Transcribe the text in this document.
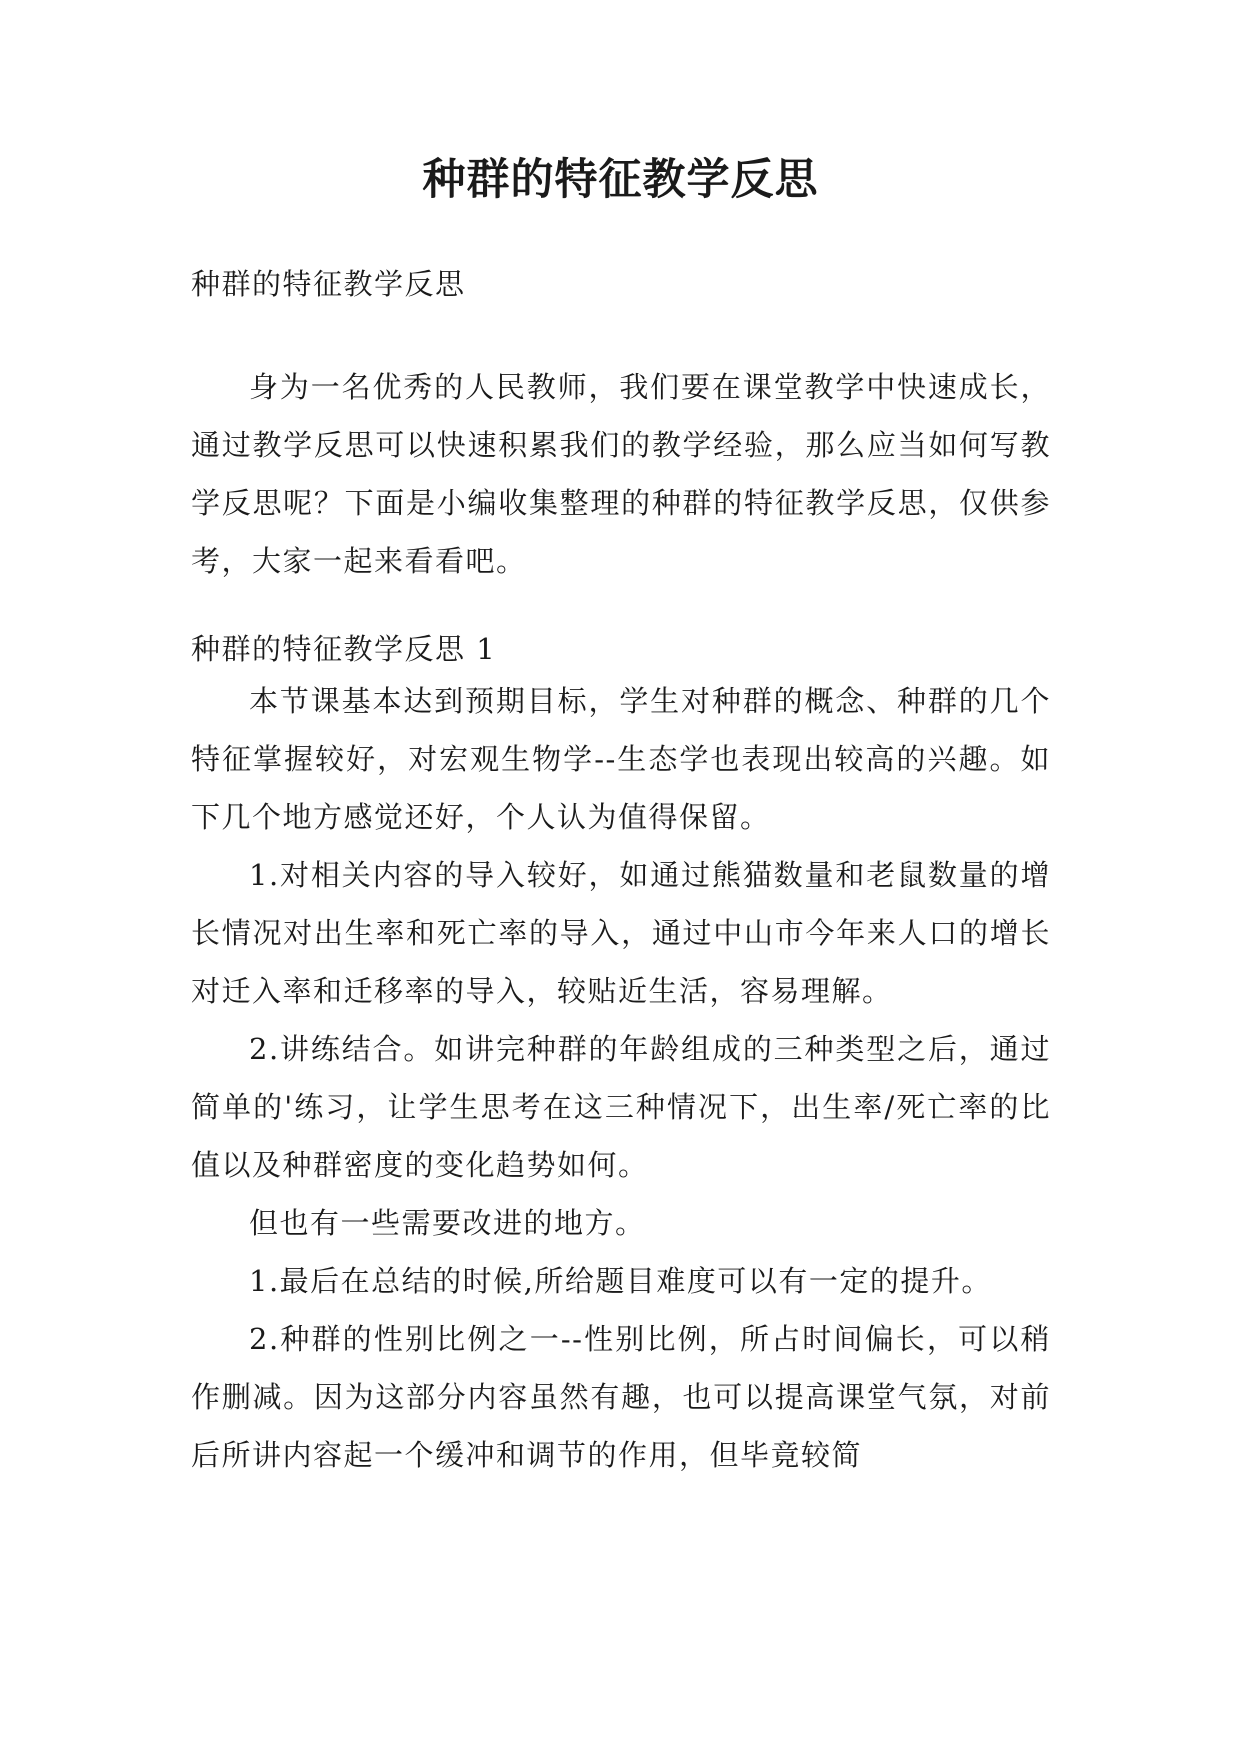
种群的特征教学反思

种群的特征教学反思

身为一名优秀的人民教师，我们要在课堂教学中快速成长，通过教学反思可以快速积累我们的教学经验，那么应当如何写教学反思呢？下面是小编收集整理的种群的特征教学反思，仅供参考，大家一起来看看吧。

种群的特征教学反思 1

本节课基本达到预期目标，学生对种群的概念、种群的几个特征掌握较好，对宏观生物学--生态学也表现出较高的兴趣。如下几个地方感觉还好，个人认为值得保留。

1.对相关内容的导入较好，如通过熊猫数量和老鼠数量的增长情况对出生率和死亡率的导入，通过中山市今年来人口的增长对迁入率和迁移率的导入，较贴近生活，容易理解。

2.讲练结合。如讲完种群的年龄组成的三种类型之后，通过简单的'练习，让学生思考在这三种情况下，出生率/死亡率的比值以及种群密度的变化趋势如何。

但也有一些需要改进的地方。

1.最后在总结的时候,所给题目难度可以有一定的提升。

2.种群的性别比例之一--性别比例，所占时间偏长，可以稍作删减。因为这部分内容虽然有趣，也可以提高课堂气氛，对前后所讲内容起一个缓冲和调节的作用，但毕竟较简
